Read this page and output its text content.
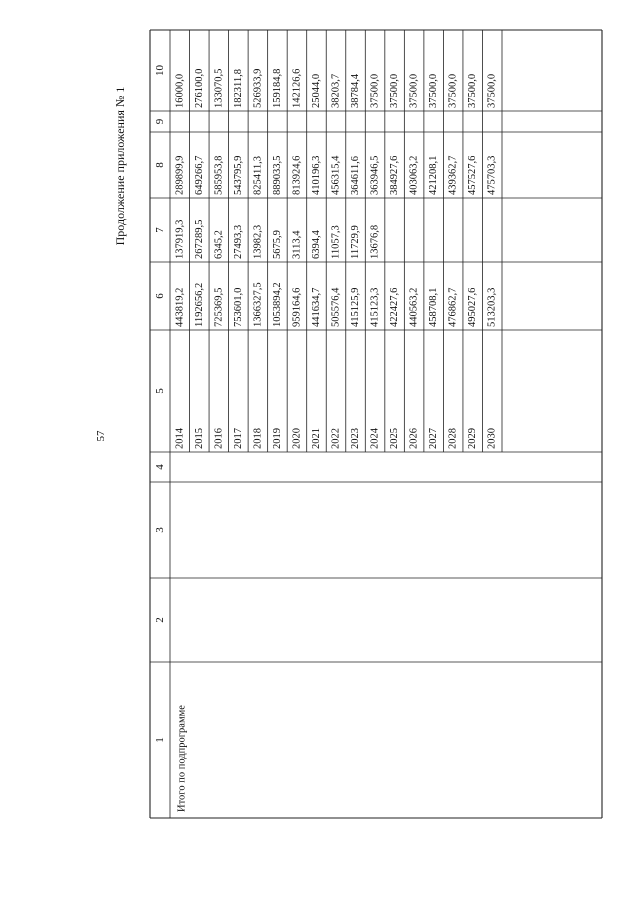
57
Продолжение приложения № 1
1
2
3
4
5
6
7
8
9
10
Итого по подпрограмме
2014
443819,2
137919,3
289899,9
16000,0
2015
1192656,2
267289,5
649266,7
276100,0
2016
725369,5
6345,2
585953,8
133070,5
2017
753601,0
27493,3
543795,9
182311,8
2018
1366327,5
13982,3
825411,3
526933,9
2019
1053894,2
5675,9
889033,5
159184,8
2020
959164,6
3113,4
813924,6
142126,6
2021
441634,7
6394,4
410196,3
25044,0
2022
505576,4
11057,3
456315,4
38203,7
2023
415125,9
11729,9
364611,6
38784,4
2024
415123,3
13676,8
363946,5
37500,0
2025
422427,6
384927,6
37500,0
2026
440563,2
403063,2
37500,0
2027
458708,1
421208,1
37500,0
2028
476862,7
439362,7
37500,0
2029
495027,6
457527,6
37500,0
2030
513203,3
475703,3
37500,0
